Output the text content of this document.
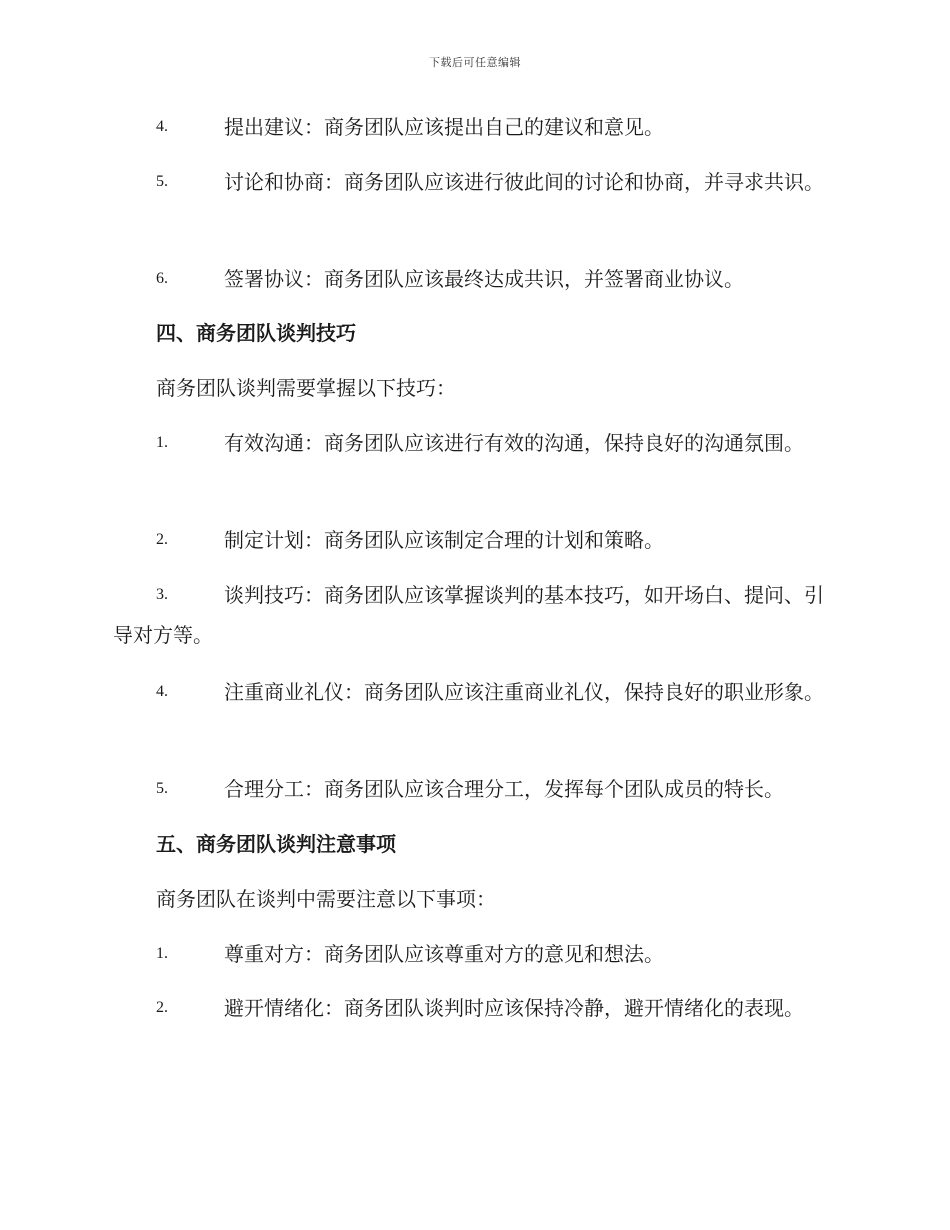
下载后可任意编辑
4.	提出建议：商务团队应该提出自己的建议和意见。
5.	讨论和协商：商务团队应该进行彼此间的讨论和协商，并寻求共识。
6.	签署协议：商务团队应该最终达成共识，并签署商业协议。
四、商务团队谈判技巧
商务团队谈判需要掌握以下技巧：
1.	有效沟通：商务团队应该进行有效的沟通，保持良好的沟通氛围。
2.	制定计划：商务团队应该制定合理的计划和策略。
3.	谈判技巧：商务团队应该掌握谈判的基本技巧，如开场白、提问、引导对方等。
4.	注重商业礼仪：商务团队应该注重商业礼仪，保持良好的职业形象。
5.	合理分工：商务团队应该合理分工，发挥每个团队成员的特长。
五、商务团队谈判注意事项
商务团队在谈判中需要注意以下事项：
1.	尊重对方：商务团队应该尊重对方的意见和想法。
2.	避开情绪化：商务团队谈判时应该保持冷静，避开情绪化的表现。
